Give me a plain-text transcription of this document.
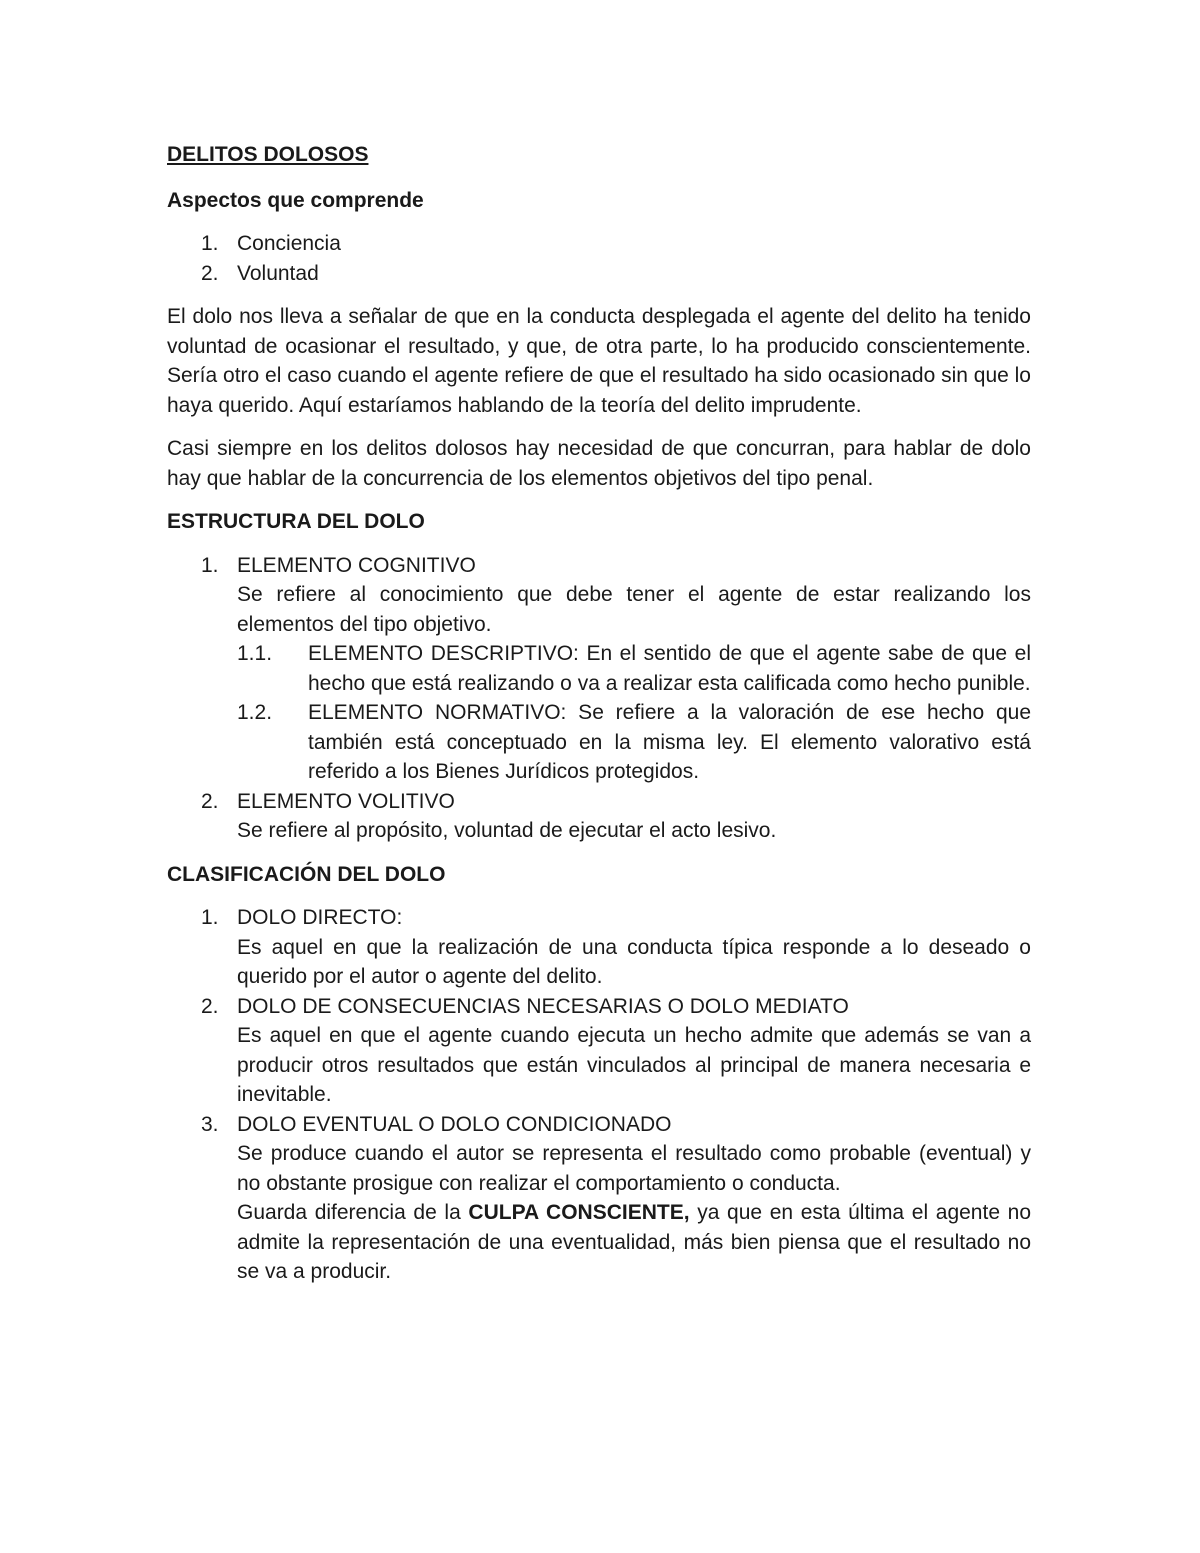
DELITOS DOLOSOS

Aspectos que comprende

1. Conciencia
2. Voluntad

El dolo nos lleva a señalar de que en la conducta desplegada el agente del delito ha tenido voluntad de ocasionar el resultado, y que, de otra parte, lo ha producido conscientemente. Sería otro el caso cuando el agente refiere de que el resultado ha sido ocasionado sin que lo haya querido. Aquí estaríamos hablando de la teoría del delito imprudente.

Casi siempre en los delitos dolosos hay necesidad de que concurran, para hablar de dolo hay que hablar de la concurrencia de los elementos objetivos del tipo penal.

ESTRUCTURA DEL DOLO

1. ELEMENTO COGNITIVO
Se refiere al conocimiento que debe tener el agente de estar realizando los elementos del tipo objetivo.
1.1. ELEMENTO DESCRIPTIVO: En el sentido de que el agente sabe de que el hecho que está realizando o va a realizar esta calificada como hecho punible.
1.2. ELEMENTO NORMATIVO: Se refiere a la valoración de ese hecho que también está conceptuado en la misma ley. El elemento valorativo está referido a los Bienes Jurídicos protegidos.
2. ELEMENTO VOLITIVO
Se refiere al propósito, voluntad de ejecutar el acto lesivo.

CLASIFICACIÓN DEL DOLO

1. DOLO DIRECTO:
Es aquel en que la realización de una conducta típica responde a lo deseado o querido por el autor o agente del delito.
2. DOLO DE CONSECUENCIAS NECESARIAS O DOLO MEDIATO
Es aquel en que el agente cuando ejecuta un hecho admite que además se van a producir otros resultados que están vinculados al principal de manera necesaria e inevitable.
3. DOLO EVENTUAL O DOLO CONDICIONADO
Se produce cuando el autor se representa el resultado como probable (eventual) y no obstante prosigue con realizar el comportamiento o conducta.
Guarda diferencia de la CULPA CONSCIENTE, ya que en esta última el agente no admite la representación de una eventualidad, más bien piensa que el resultado no se va a producir.
